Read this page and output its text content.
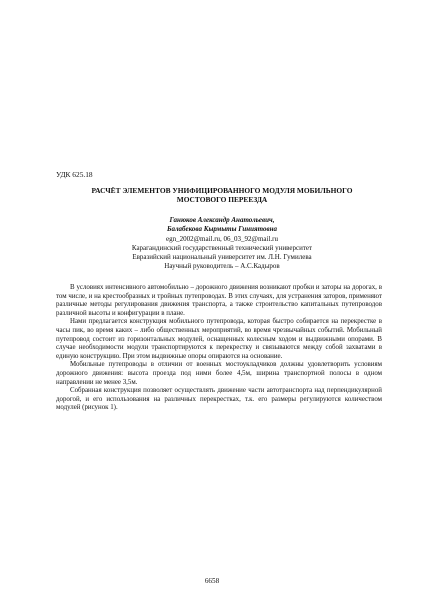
УДК 625.18
РАСЧЁТ ЭЛЕМЕНТОВ УНИФИЦИРОВАННОГО МОДУЛЯ МОБИЛЬНОГО
МОСТОВОГО ПЕРЕЕЗДА
Ганюков Александр Анатольевич,
Балабекова Кырмыты Гиниятовна
egn_2002@mail.ru, 06_03_92@mail.ru
Карагандинский государственный технический университет
Евразийский национальный университет им. Л.Н. Гумилева
Научный руководитель – А.С.Кадыров

В условиях интенсивного автомобильно – дорожного движения возникают пробки и заторы на дорогах, в том числе, и на крестообразных и тройных путепроводах. В этих случаях, для устранения заторов, применяют различные методы регулирования движения транспорта, а также строительство капитальных путепроводов различной высоты и конфигурации в плане.

Нами предлагается конструкция мобильного путепровода, которая быстро собирается на перекрестке в часы пик, во время каких – либо общественных мероприятий, во время чрезвычайных событий. Мобильный путепровод состоит из горизонтальных модулей, оснащенных колесным ходом и выдвижными опорами. В случае необходимости модули транспортируются к перекрестку и связываются между собой захватами в единую конструкцию. При этом выдвижные опоры опираются на основание.

Мобильные путепроводы в отличии от военных мостоукладчиков должны удовлетворить условиям дорожного движения: высота проезда под ними более 4,5м, ширина транспортной полосы в одном направлении не менее 3,5м.

Собранная конструкция позволяет осуществлять движение части автотранспорта над перпендикулярной дорогой, и его использования на различных перекрестках, т.к. его размеры регулируются количеством модулей (рисунок 1).

6658
